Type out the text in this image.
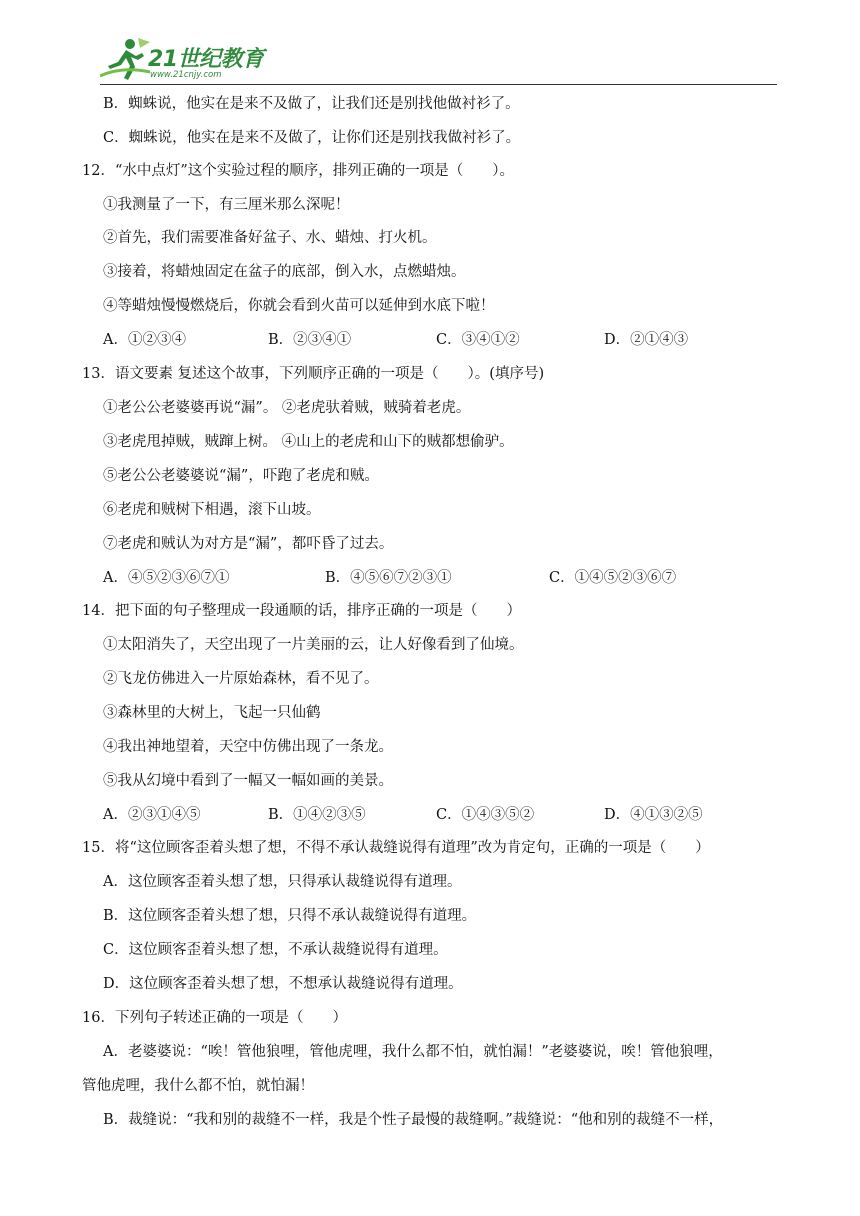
21世纪教育
www.21cnjy.com
B．蜘蛛说，他实在是来不及做了，让我们还是别找他做衬衫了。
C．蜘蛛说，他实在是来不及做了，让你们还是别找我做衬衫了。
12．“水中点灯”这个实验过程的顺序，排列正确的一项是（　　）。
①我测量了一下，有三厘米那么深呢！
②首先，我们需要准备好盆子、水、蜡烛、打火机。
③接着，将蜡烛固定在盆子的底部，倒入水，点燃蜡烛。
④等蜡烛慢慢燃烧后，你就会看到火苗可以延伸到水底下啦！
A．①②③④	B．②③④①	C．③④①②	D．②①④③
13．语文要素 复述这个故事，下列顺序正确的一项是（　　）。(填序号)
①老公公老婆婆再说“漏”。 ②老虎驮着贼，贼骑着老虎。
③老虎甩掉贼，贼蹿上树。 ④山上的老虎和山下的贼都想偷驴。
⑤老公公老婆婆说“漏”，吓跑了老虎和贼。
⑥老虎和贼树下相遇，滚下山坡。
⑦老虎和贼认为对方是“漏”，都吓昏了过去。
A．④⑤②③⑥⑦①	B．④⑤⑥⑦②③①	C．①④⑤②③⑥⑦
14．把下面的句子整理成一段通顺的话，排序正确的一项是（　　）
①太阳消失了，天空出现了一片美丽的云，让人好像看到了仙境。
②飞龙仿佛进入一片原始森林，看不见了。
③森林里的大树上，飞起一只仙鹤
④我出神地望着，天空中仿佛出现了一条龙。
⑤我从幻境中看到了一幅又一幅如画的美景。
A．②③①④⑤	B．①④②③⑤	C．①④③⑤②	D．④①③②⑤
15．将“这位顾客歪着头想了想，不得不承认裁缝说得有道理”改为肯定句，正确的一项是（　　）
A．这位顾客歪着头想了想，只得承认裁缝说得有道理。
B．这位顾客歪着头想了想，只得不承认裁缝说得有道理。
C．这位顾客歪着头想了想，不承认裁缝说得有道理。
D．这位顾客歪着头想了想，不想承认裁缝说得有道理。
16．下列句子转述正确的一项是（　　）
A．老婆婆说：“唉！管他狼哩，管他虎哩，我什么都不怕，就怕漏！”老婆婆说，唉！管他狼哩，
管他虎哩，我什么都不怕，就怕漏！
B．裁缝说：“我和别的裁缝不一样，我是个性子最慢的裁缝啊。”裁缝说：“他和别的裁缝不一样，
